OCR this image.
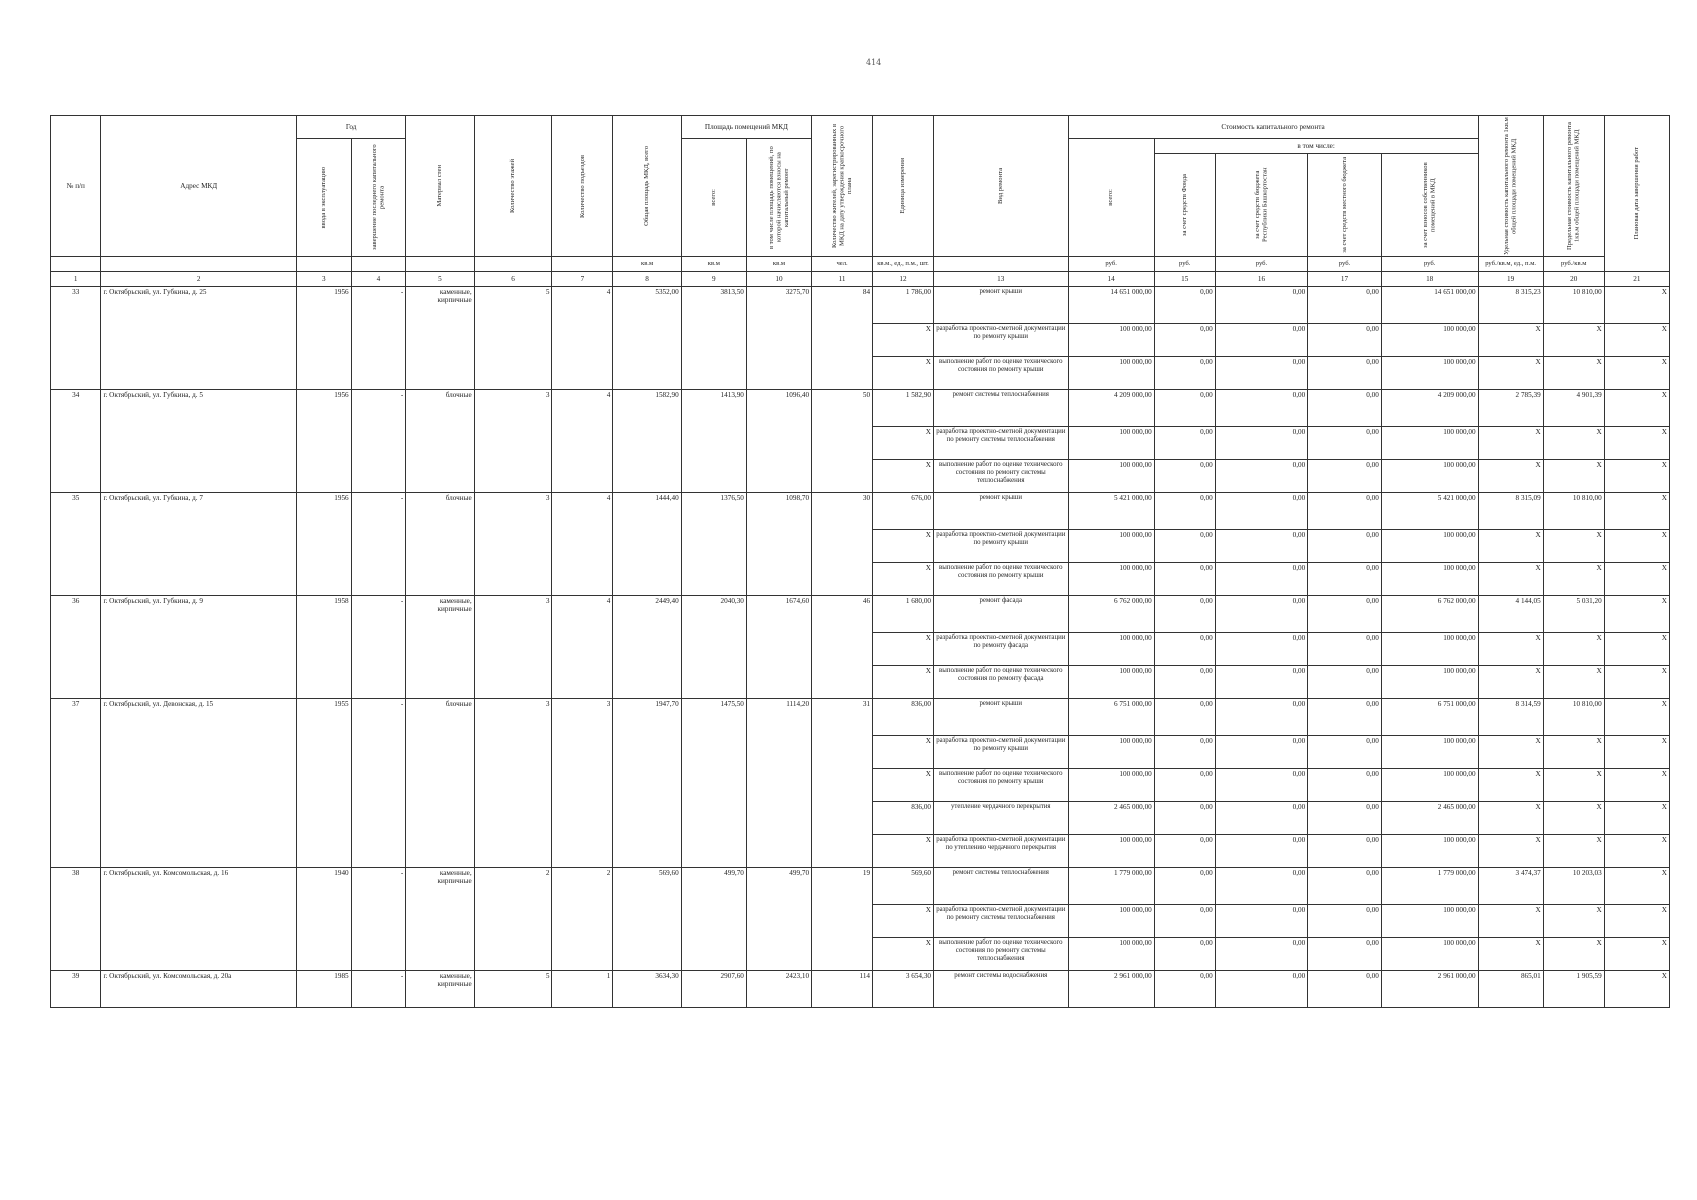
414
№ п/п	Адрес МКД	Год		Материал стен	Количество этажей	Количество подъездов	Общая площадь МКД, всего	Площадь помещений МКД		Количество жителей, зарегистрированных в МКД на дату утверждения краткосрочного плана	Единица измерения	Вид ремонта	Стоимость капитального ремонта					Удельная стоимость капитального ремонта 1кв.м общей площади помещений МКД	Предельная стоимость капитального ремонта 1кв.м общей площади помещений МКД	Плановая дата завершения работ

		ввода в эксплуатацию	завершение последнего капитального ремонта					всего:	в том числе площадь помещений, по которой начисляются взносы на капитальный ремонт				всего:	в том числе:						

														за счет средств Фонда	за счет средств бюджета Республики Башкортостан	за счет средств местного бюджета	за счет взносов собственников помещений в МКД			

							кв.м	кв.м	кв.м	чел.	кв.м., ед., п.м., шт.		руб.	руб.	руб.	руб.	руб.	руб./кв.м, ед., п.м.	руб./кв.м	
1	2	3	4	5	6	7	8	9	10	11	12	13	14	15	16	17	18	19	20	21
33	г. Октябрьский, ул. Губкина, д. 25	1956	-	каменные, кирпичные	5	4	5352,00	3813,50	3275,70	84	1 786,00	ремонт крыши	14 651 000,00	0,00	0,00	0,00	14 651 000,00	8 315,23	10 810,00	X
											X	разработка проектно-сметной документации по ремонту крыши	100 000,00	0,00	0,00	0,00	100 000,00	X	X	X
											X	выполнение работ по оценке технического состояния по ремонту крыши	100 000,00	0,00	0,00	0,00	100 000,00	X	X	X
34	г. Октябрьский, ул. Губкина, д. 5	1956	-	блочные	3	4	1582,90	1413,90	1096,40	50	1 582,90	ремонт системы теплоснабжения	4 209 000,00	0,00	0,00	0,00	4 209 000,00	2 785,39	4 901,39	X
											X	разработка проектно-сметной документации по ремонту системы теплоснабжения	100 000,00	0,00	0,00	0,00	100 000,00	X	X	X
											X	выполнение работ по оценке технического состояния по ремонту системы теплоснабжения	100 000,00	0,00	0,00	0,00	100 000,00	X	X	X
35	г. Октябрьский, ул. Губкина, д. 7	1956	-	блочные	3	4	1444,40	1376,50	1098,70	30	676,00	ремонт крыши	5 421 000,00	0,00	0,00	0,00	5 421 000,00	8 315,09	10 810,00	X
											X	разработка проектно-сметной документации по ремонту крыши	100 000,00	0,00	0,00	0,00	100 000,00	X	X	X
											X	выполнение работ по оценке технического состояния по ремонту крыши	100 000,00	0,00	0,00	0,00	100 000,00	X	X	X
36	г. Октябрьский, ул. Губкина, д. 9	1958	-	каменные, кирпичные	3	4	2449,40	2040,30	1674,60	46	1 680,00	ремонт фасада	6 762 000,00	0,00	0,00	0,00	6 762 000,00	4 144,05	5 031,20	X
											X	разработка проектно-сметной документации по ремонту фасада	100 000,00	0,00	0,00	0,00	100 000,00	X	X	X
											X	выполнение работ по оценке технического состояния по ремонту фасада	100 000,00	0,00	0,00	0,00	100 000,00	X	X	X
37	г. Октябрьский, ул. Девонская, д. 15	1955	-	блочные	3	3	1947,70	1475,50	1114,20	31	836,00	ремонт крыши	6 751 000,00	0,00	0,00	0,00	6 751 000,00	8 314,59	10 810,00	X
											X	разработка проектно-сметной документации по ремонту крыши	100 000,00	0,00	0,00	0,00	100 000,00	X	X	X
											X	выполнение работ по оценке технического состояния по ремонту крыши	100 000,00	0,00	0,00	0,00	100 000,00	X	X	X
											836,00	утепление чердачного перекрытия	2 465 000,00	0,00	0,00	0,00	2 465 000,00	X	X	X
											X	разработка проектно-сметной документации по утеплению чердачного перекрытия	100 000,00	0,00	0,00	0,00	100 000,00	X	X	X
38	г. Октябрьский, ул. Комсомольская, д. 16	1940	-	каменные, кирпичные	2	2	569,60	499,70	499,70	19	569,60	ремонт системы теплоснабжения	1 779 000,00	0,00	0,00	0,00	1 779 000,00	3 474,37	10 203,03	X
											X	разработка проектно-сметной документации по ремонту системы теплоснабжения	100 000,00	0,00	0,00	0,00	100 000,00	X	X	X
											X	выполнение работ по оценке технического состояния по ремонту системы теплоснабжения	100 000,00	0,00	0,00	0,00	100 000,00	X	X	X
39	г. Октябрьский, ул. Комсомольская, д. 20а	1985	-	каменные, кирпичные	5	1	3634,30	2907,60	2423,10	114	3 654,30	ремонт системы водоснабжения	2 961 000,00	0,00	0,00	0,00	2 961 000,00	865,01	1 905,59	X
